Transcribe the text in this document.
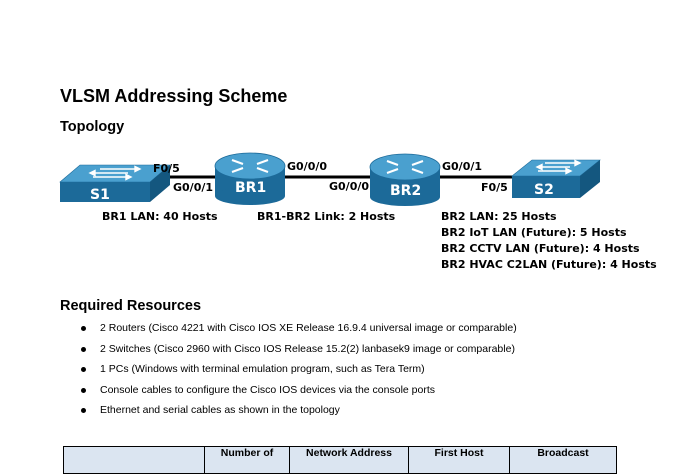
VLSM Addressing Scheme
Topology
S1	BR1	BR2	S2
F0/5
G0/0/1
G0/0/0
G0/0/0
G0/0/1
F0/5

BR1 LAN: 40 Hosts	BR1-BR2 Link: 2 Hosts	BR2 LAN: 25 Hosts
BR2 IoT LAN (Future): 5 Hosts
BR2 CCTV LAN (Future): 4 Hosts
BR2 HVAC C2LAN (Future): 4 Hosts
Required Resources
2 Routers (Cisco 4221 with Cisco IOS XE Release 16.9.4 universal image or comparable)
2 Switches (Cisco 2960 with Cisco IOS Release 15.2(2) lanbasek9 image or comparable)
1 PCs (Windows with terminal emulation program, such as Tera Term)
Console cables to configure the Cisco IOS devices via the console ports
Ethernet and serial cables as shown in the topology
	Number of	Network Address	First Host	Broadcast
